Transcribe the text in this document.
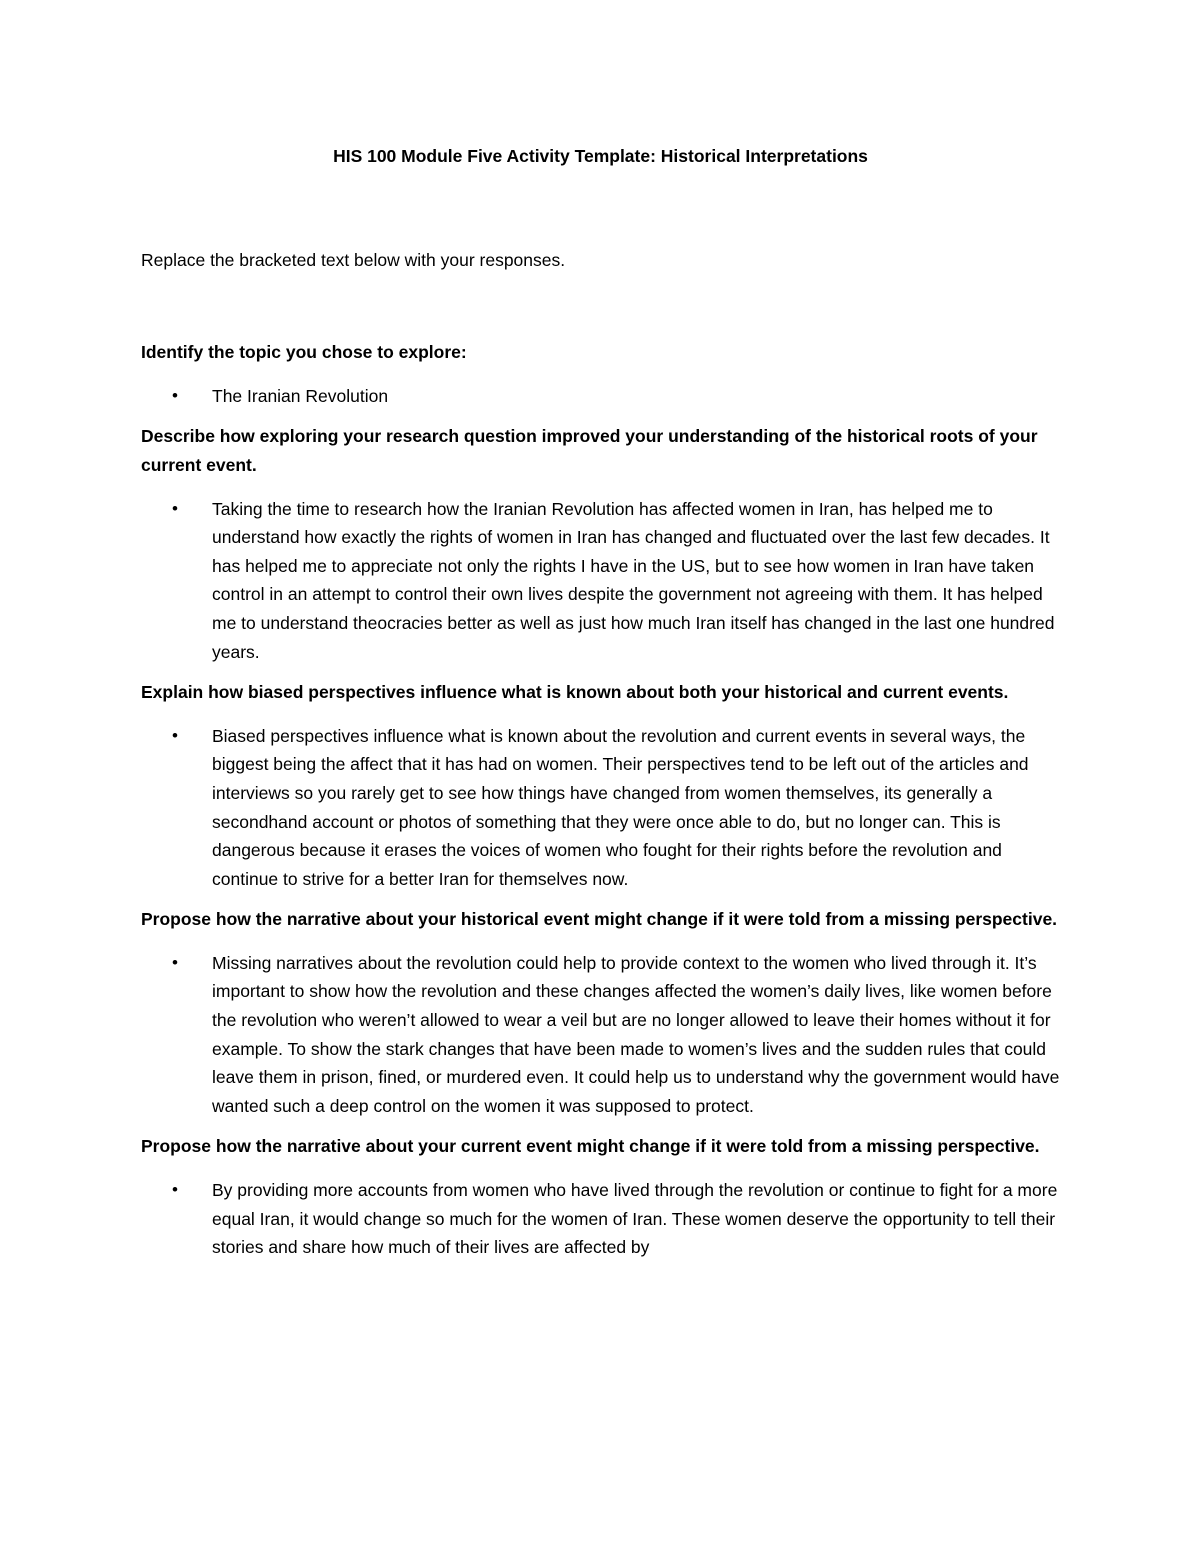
HIS 100 Module Five Activity Template: Historical Interpretations
Replace the bracketed text below with your responses.
Identify the topic you chose to explore:
• The Iranian Revolution
Describe how exploring your research question improved your understanding of the historical roots of your current event.
• Taking the time to research how the Iranian Revolution has affected women in Iran, has helped me to understand how exactly the rights of women in Iran has changed and fluctuated over the last few decades. It has helped me to appreciate not only the rights I have in the US, but to see how women in Iran have taken control in an attempt to control their own lives despite the government not agreeing with them. It has helped me to understand theocracies better as well as just how much Iran itself has changed in the last one hundred years.
Explain how biased perspectives influence what is known about both your historical and current events.
• Biased perspectives influence what is known about the revolution and current events in several ways, the biggest being the affect that it has had on women. Their perspectives tend to be left out of the articles and interviews so you rarely get to see how things have changed from women themselves, its generally a secondhand account or photos of something that they were once able to do, but no longer can. This is dangerous because it erases the voices of women who fought for their rights before the revolution and continue to strive for a better Iran for themselves now.
Propose how the narrative about your historical event might change if it were told from a missing perspective.
• Missing narratives about the revolution could help to provide context to the women who lived through it. It’s important to show how the revolution and these changes affected the women’s daily lives, like women before the revolution who weren’t allowed to wear a veil but are no longer allowed to leave their homes without it for example. To show the stark changes that have been made to women’s lives and the sudden rules that could leave them in prison, fined, or murdered even. It could help us to understand why the government would have wanted such a deep control on the women it was supposed to protect.
Propose how the narrative about your current event might change if it were told from a missing perspective.
• By providing more accounts from women who have lived through the revolution or continue to fight for a more equal Iran, it would change so much for the women of Iran. These women deserve the opportunity to tell their stories and share how much of their lives are affected by
